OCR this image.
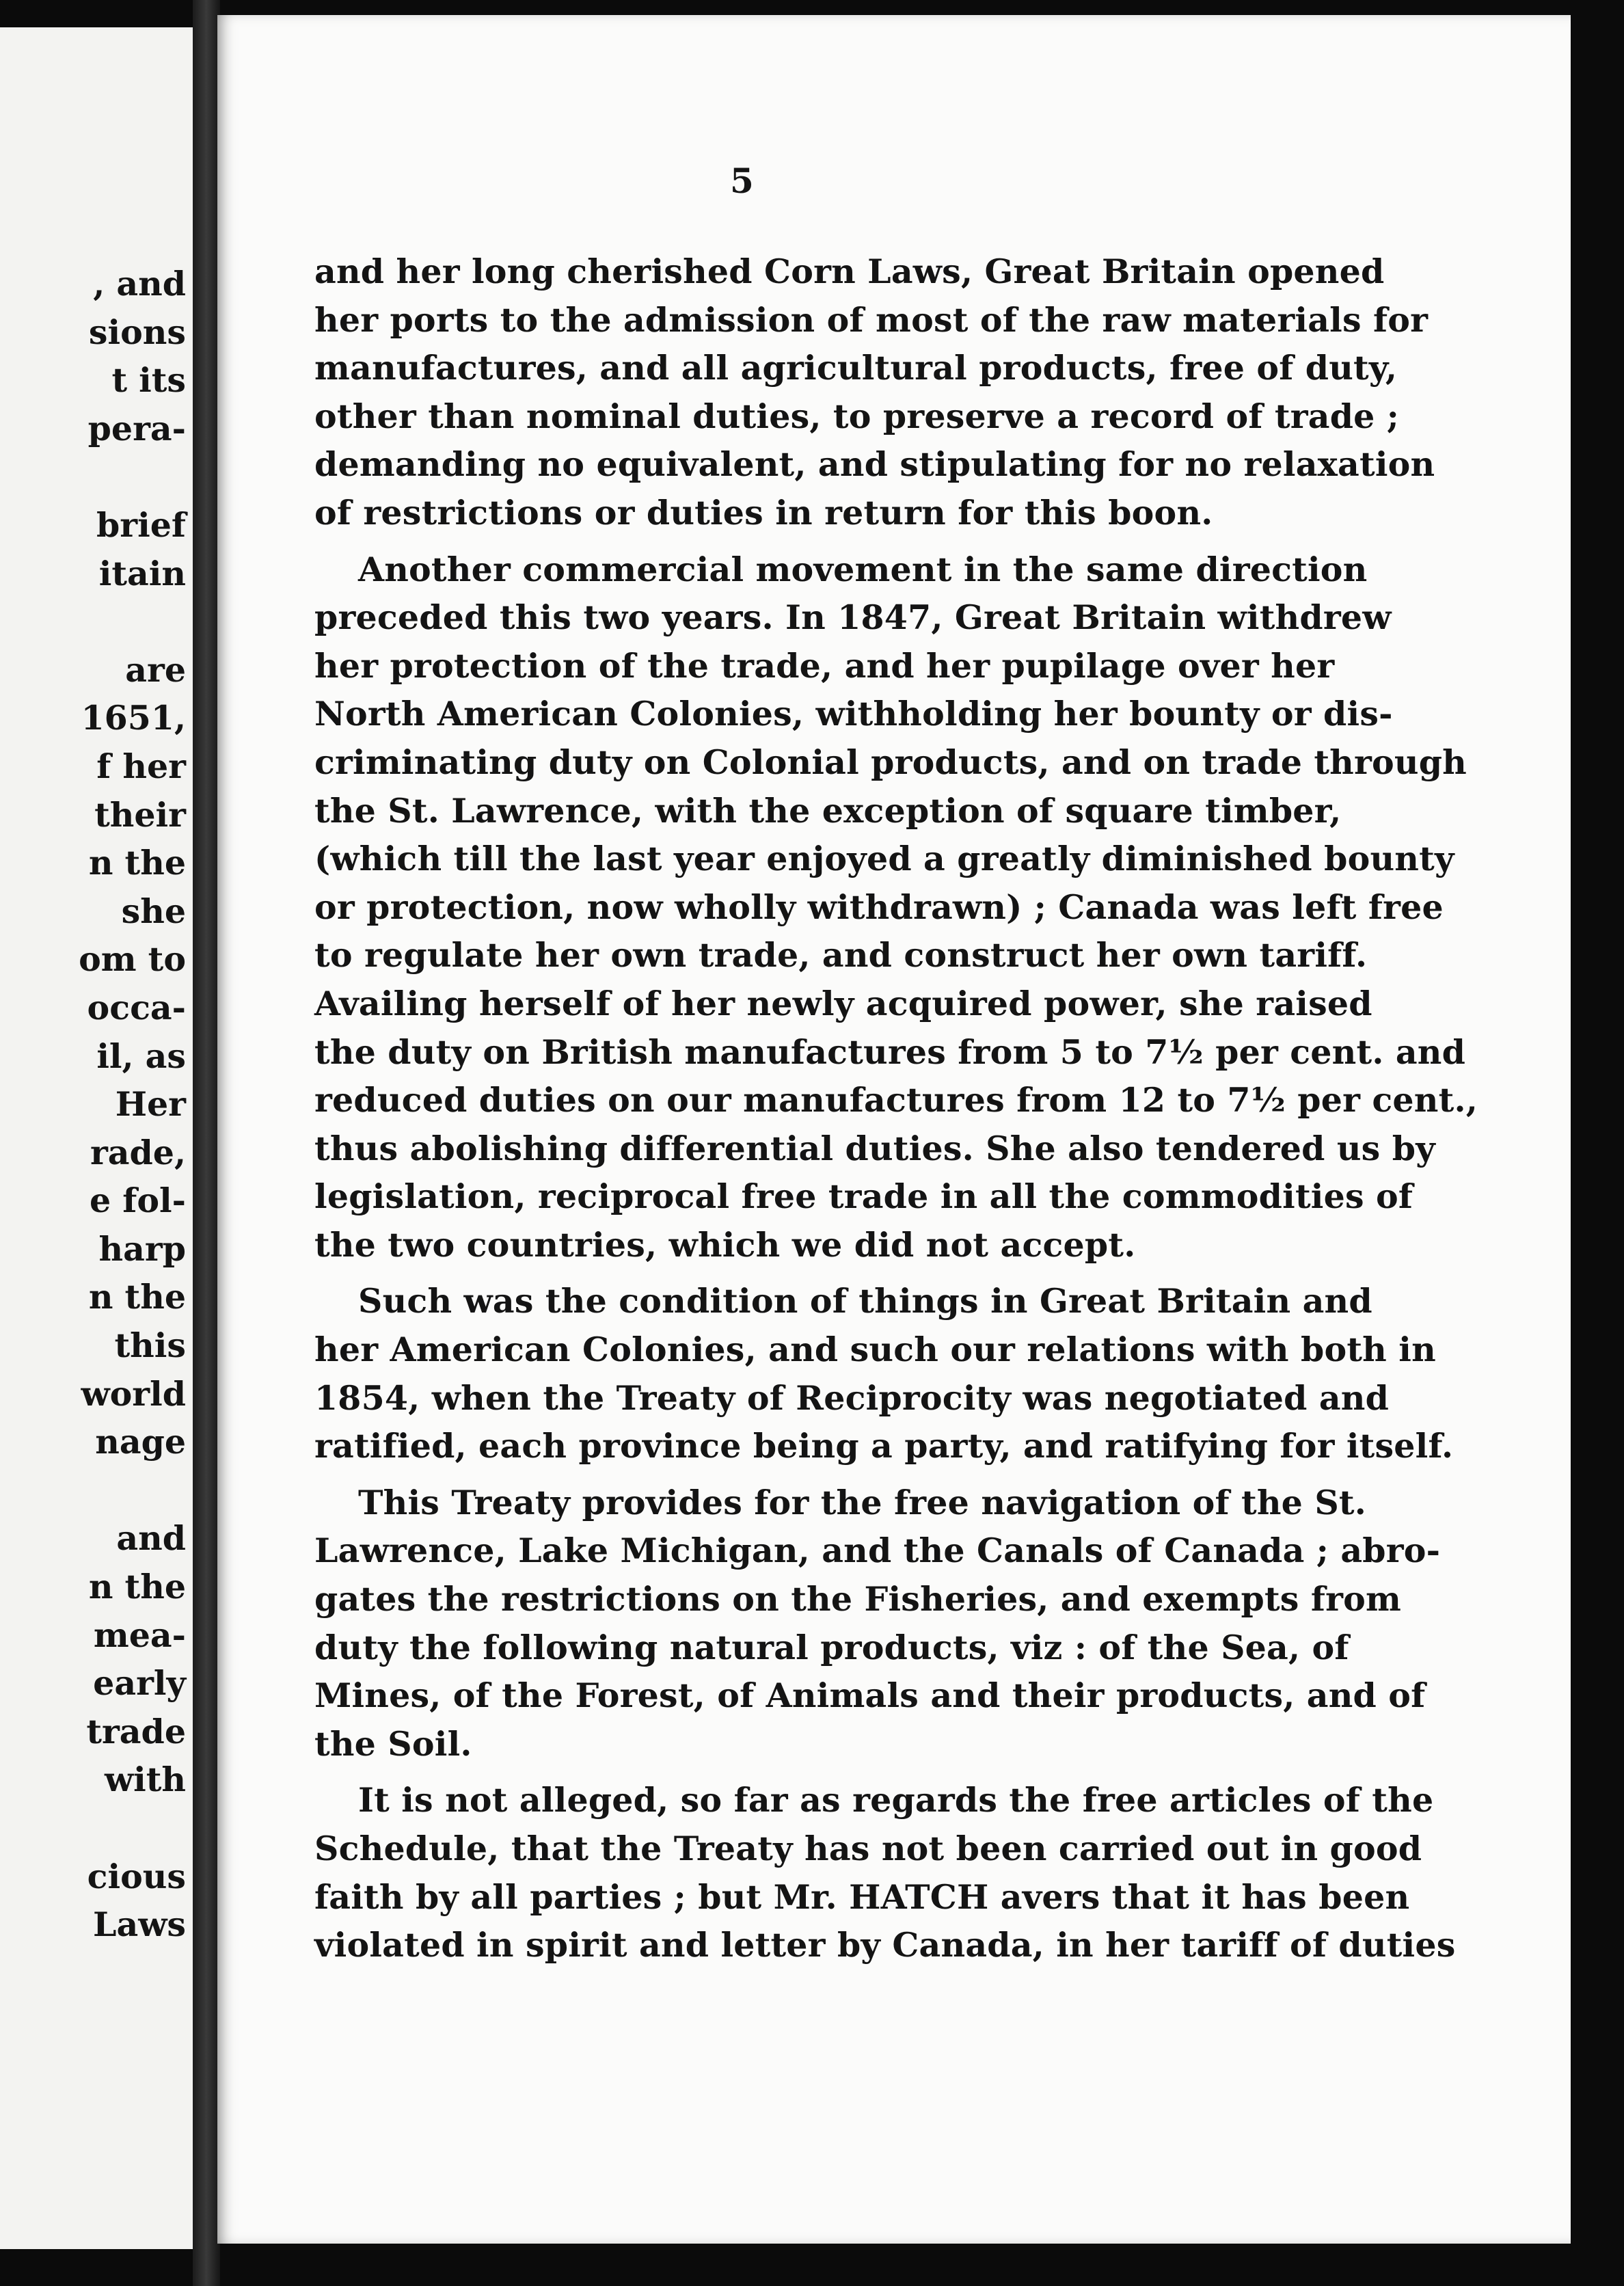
, and
sions
t its
pera-
brief
itain
are
1651,
f her
their
n the
she
om to
occa-
il, as
Her
rade,
e fol-
harp
n the
this
world
nage
and
n the
mea-
early
trade
with
cious
Laws
5
and her long cherished Corn Laws, Great Britain opened
her ports to the admission of most of the raw materials for
manufactures, and all agricultural products, free of duty,
other than nominal duties, to preserve a record of trade ;
demanding no equivalent, and stipulating for no relaxation
of restrictions or duties in return for this boon.
Another commercial movement in the same direction
preceded this two years. In 1847, Great Britain withdrew
her protection of the trade, and her pupilage over her
North American Colonies, withholding her bounty or dis-
criminating duty on Colonial products, and on trade through
the St. Lawrence, with the exception of square timber,
(which till the last year enjoyed a greatly diminished bounty
or protection, now wholly withdrawn) ; Canada was left free
to regulate her own trade, and construct her own tariff.
Availing herself of her newly acquired power, she raised
the duty on British manufactures from 5 to 7½ per cent. and
reduced duties on our manufactures from 12 to 7½ per cent.,
thus abolishing differential duties. She also tendered us by
legislation, reciprocal free trade in all the commodities of
the two countries, which we did not accept.
Such was the condition of things in Great Britain and
her American Colonies, and such our relations with both in
1854, when the Treaty of Reciprocity was negotiated and
ratified, each province being a party, and ratifying for itself.
This Treaty provides for the free navigation of the St.
Lawrence, Lake Michigan, and the Canals of Canada ; abro-
gates the restrictions on the Fisheries, and exempts from
duty the following natural products, viz : of the Sea, of
Mines, of the Forest, of Animals and their products, and of
the Soil.
It is not alleged, so far as regards the free articles of the
Schedule, that the Treaty has not been carried out in good
faith by all parties ; but Mr. HATCH avers that it has been
violated in spirit and letter by Canada, in her tariff of duties
